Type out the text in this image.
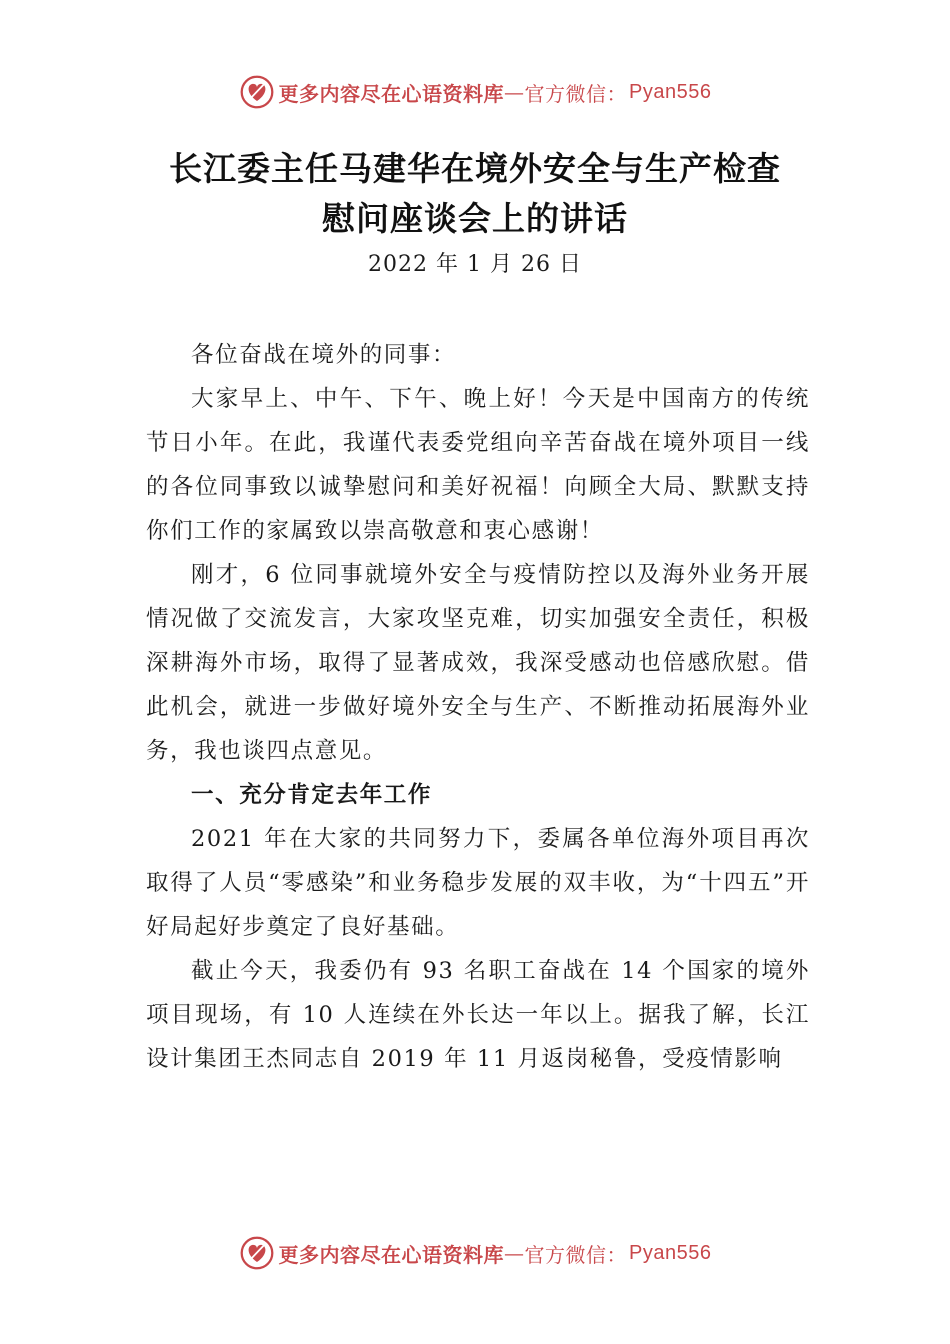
更多内容尽在心语资料库 — 官方微信： Pyan556
长江委主任马建华在境外安全与生产检查
慰问座谈会上的讲话
2022 年 1 月 26 日

各位奋战在境外的同事：

大家早上、中午、下午、晚上好！今天是中国南方的传统节日小年。在此，我谨代表委党组向辛苦奋战在境外项目一线的各位同事致以诚挚慰问和美好祝福！向顾全大局、默默支持你们工作的家属致以崇高敬意和衷心感谢！

刚才，6 位同事就境外安全与疫情防控以及海外业务开展情况做了交流发言，大家攻坚克难，切实加强安全责任，积极深耕海外市场，取得了显著成效，我深受感动也倍感欣慰。借此机会，就进一步做好境外安全与生产、不断推动拓展海外业务，我也谈四点意见。

一、充分肯定去年工作

2021 年在大家的共同努力下，委属各单位海外项目再次取得了人员“零感染”和业务稳步发展的双丰收，为“十四五”开好局起好步奠定了良好基础。

截止今天，我委仍有 93 名职工奋战在 14 个国家的境外项目现场，有 10 人连续在外长达一年以上。据我了解，长江设计集团王杰同志自 2019 年 11 月返岗秘鲁，受疫情影响

更多内容尽在心语资料库 — 官方微信： Pyan556
